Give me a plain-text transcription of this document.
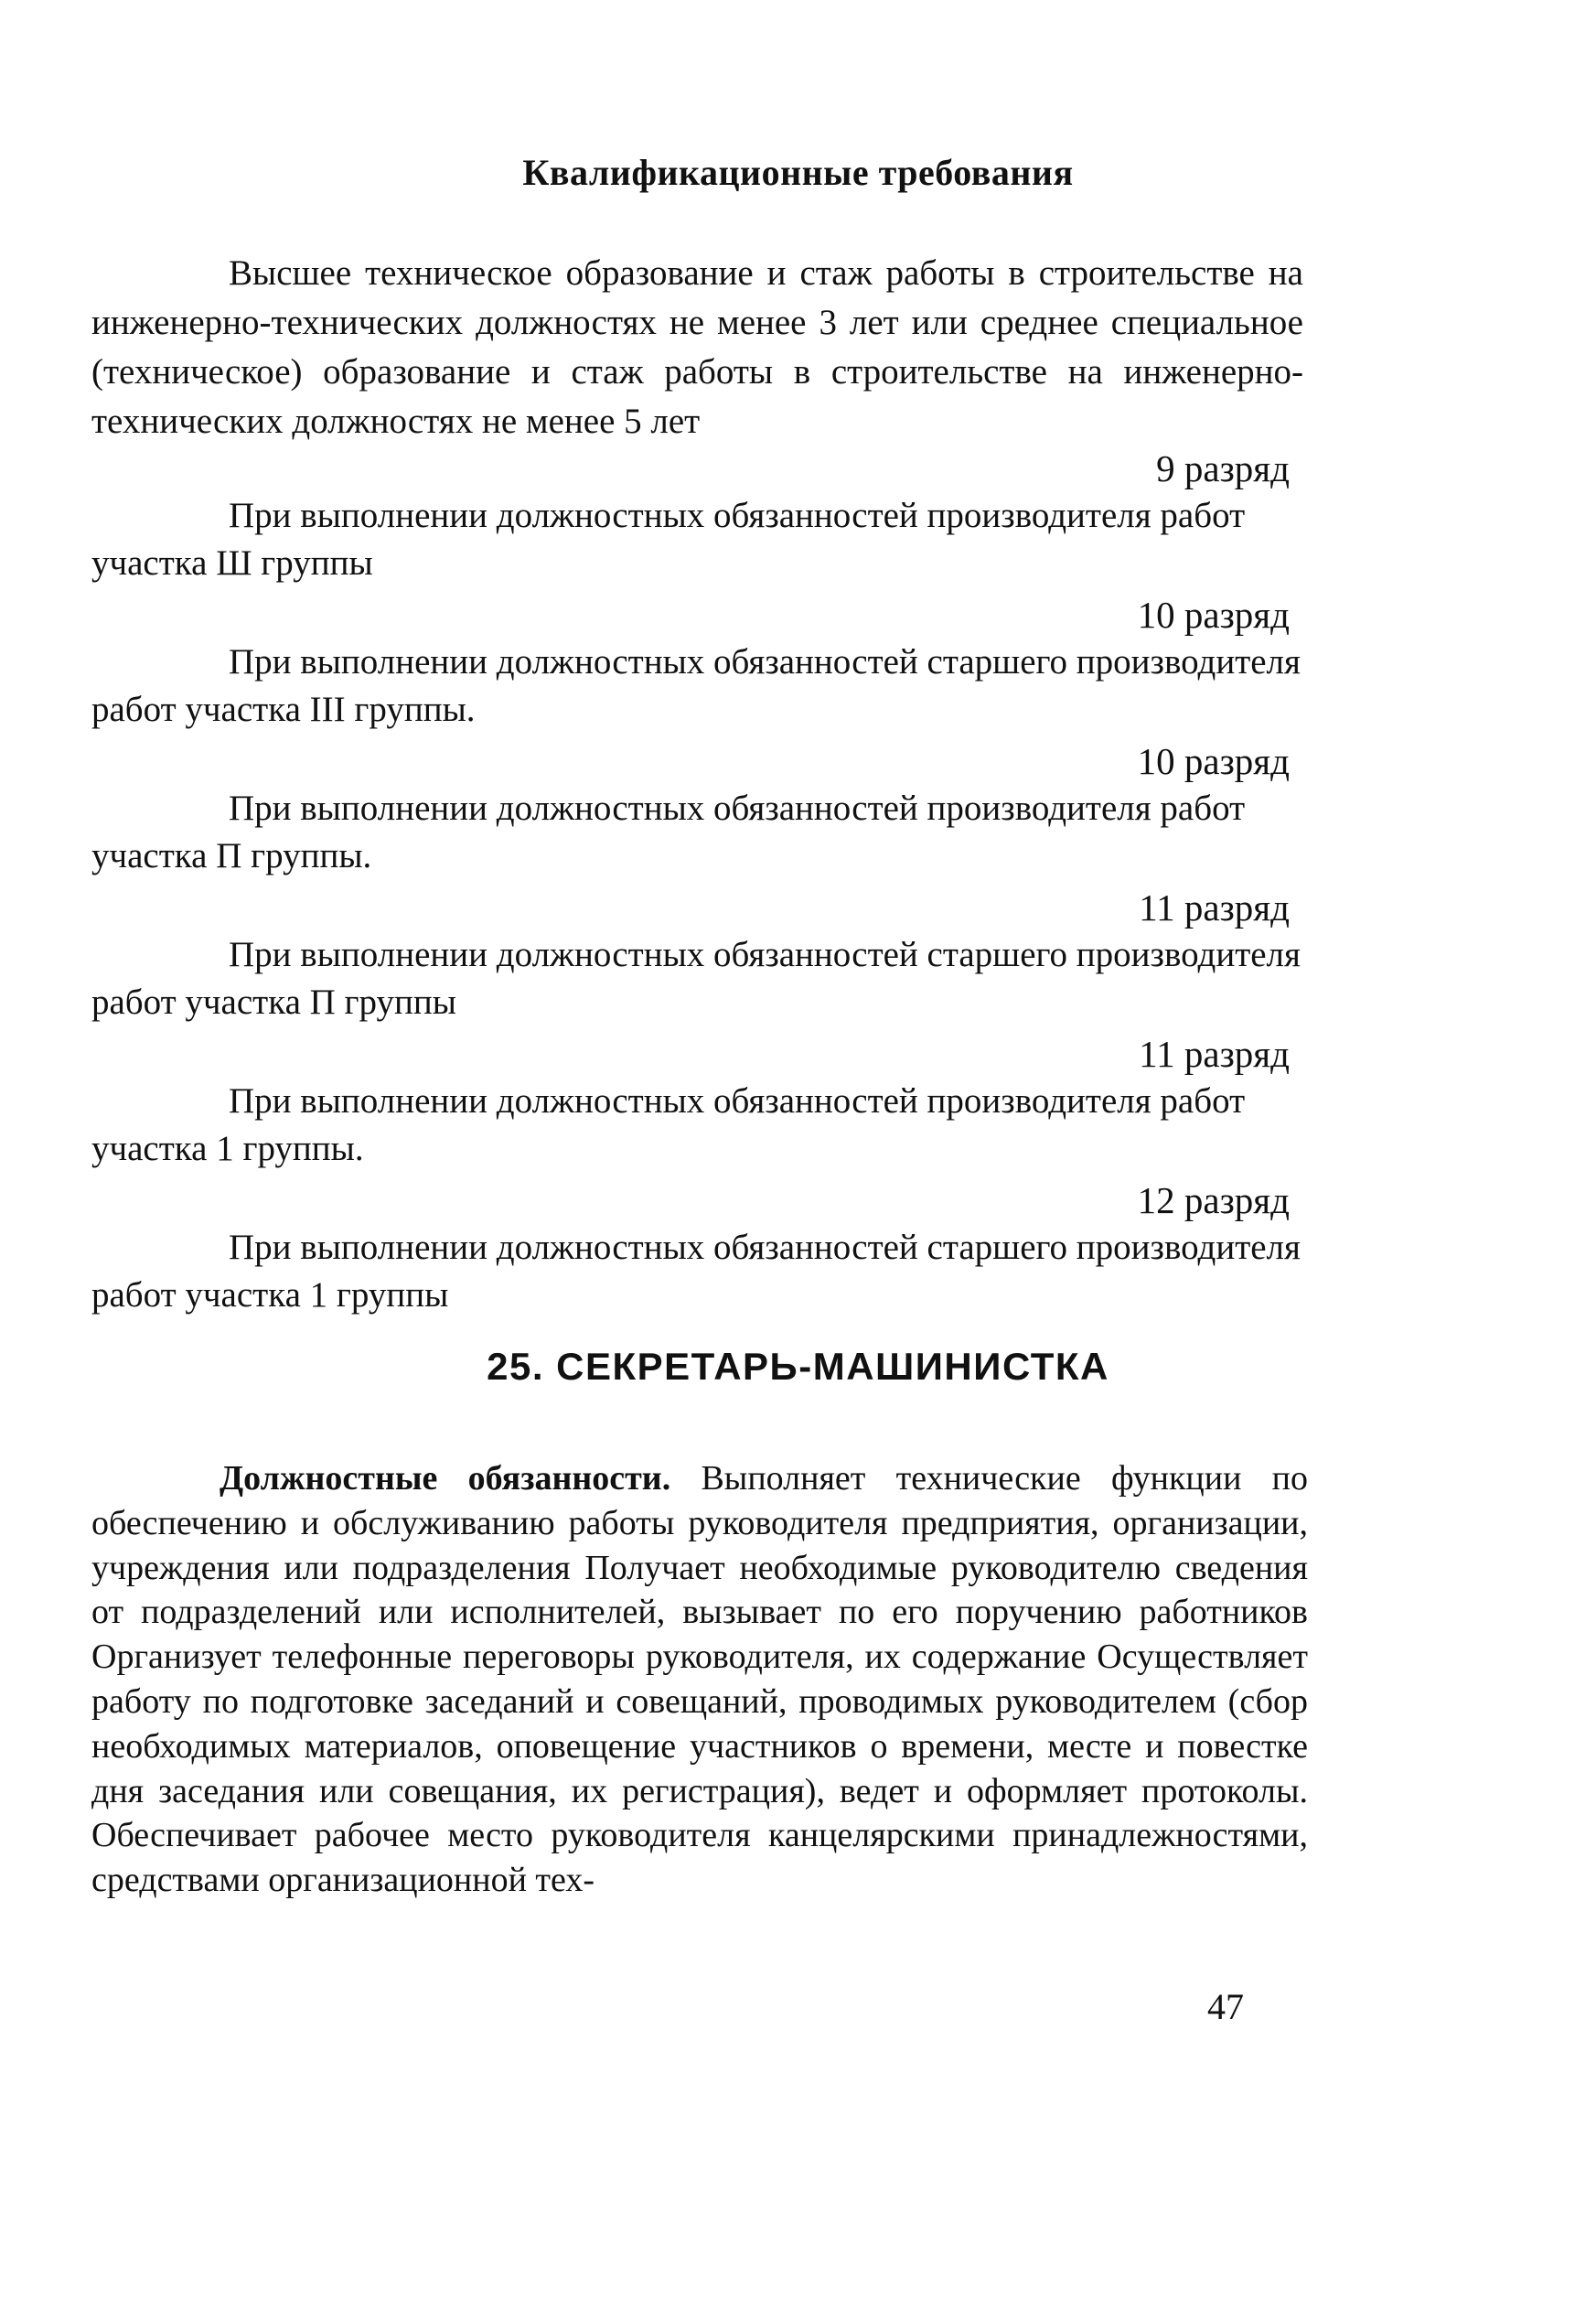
Квалификационные требования

Высшее техническое образование и стаж работы в строительстве на инженерно-технических должностях не менее 3 лет или среднее специальное (техническое) образование и стаж работы в строительстве на инженерно-технических должностях не менее 5 лет

9 разряд
При выполнении должностных обязанностей производителя работ участка Ш группы
10 разряд
При выполнении должностных обязанностей старшего производителя работ участка III группы.
10 разряд
При выполнении должностных обязанностей производителя работ участка П группы.
11 разряд
При выполнении должностных обязанностей старшего производителя работ участка П группы
11 разряд
При выполнении должностных обязанностей производителя работ участка 1 группы.
12 разряд
При выполнении должностных обязанностей старшего производителя работ участка 1 группы
25. СЕКРЕТАРЬ-МАШИНИСТКА

Должностные обязанности. Выполняет технические функции по обеспечению и обслуживанию работы руководителя предприятия, организации, учреждения или подразделения Получает необходимые руководителю сведения от подразделений или исполнителей, вызывает по его поручению работников Организует телефонные переговоры руководителя, их содержание Осуществляет работу по подготовке заседаний и совещаний, проводимых руководителем (сбор необходимых материалов, оповещение участников о времени, месте и повестке дня заседания или совещания, их регистрация), ведет и оформляет протоколы. Обеспечивает рабочее место руководителя канцелярскими принадлежностями, средствами организационной тех-

47
